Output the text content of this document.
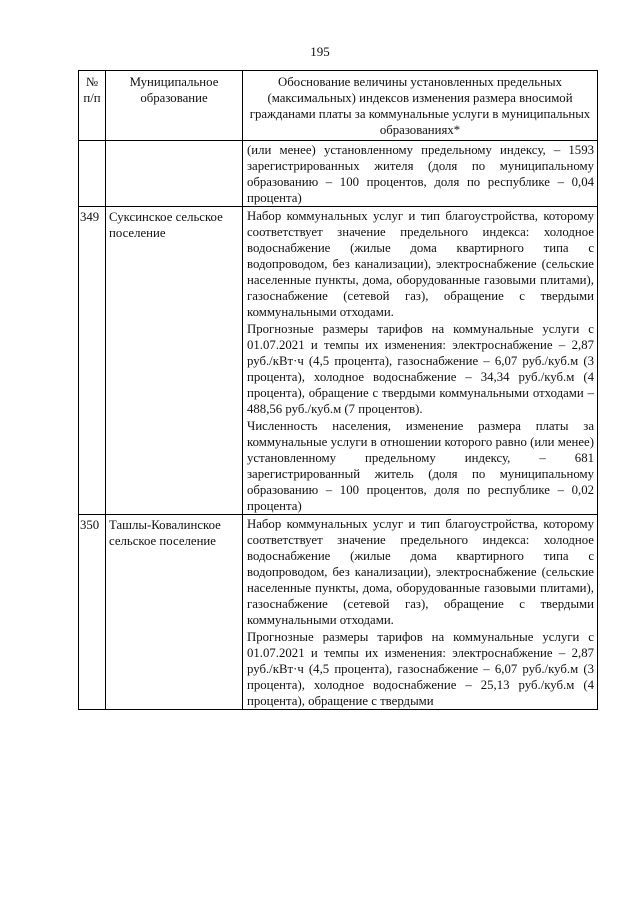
195
№ п/п	Муниципальное образование	Обоснование величины установленных предельных (максимальных) индексов изменения размера вносимой гражданами платы за коммунальные услуги в муниципальных образованиях*

		(или менее) установленному предельному индексу, – 1593 зарегистрированных жителя (доля по муниципальному образованию – 100 процентов, доля по республике – 0,04 процента)

349	Суксинское сельское поселение	Набор коммунальных услуг и тип благоустройства, которому соответствует значение предельного индекса: холодное водоснабжение (жилые дома квартирного типа с водопроводом, без канализации), электроснабжение (сельские населенные пункты, дома, оборудованные газовыми плитами), газоснабжение (сетевой газ), обращение с твердыми коммунальными отходами.
Прогнозные размеры тарифов на коммунальные услуги с 01.07.2021 и темпы их изменения: электроснабжение – 2,87 руб./кВт·ч (4,5 процента), газоснабжение – 6,07 руб./куб.м (3 процента), холодное водоснабжение – 34,34 руб./куб.м (4 процента), обращение с твердыми коммунальными отходами – 488,56 руб./куб.м (7 процентов).
Численность населения, изменение размера платы за коммунальные услуги в отношении которого равно (или менее) установленному предельному индексу, – 681 зарегистрированный житель (доля по муниципальному образованию – 100 процентов, доля по республике – 0,02 процента)

350	Ташлы-Ковалинское сельское поселение	Набор коммунальных услуг и тип благоустройства, которому соответствует значение предельного индекса: холодное водоснабжение (жилые дома квартирного типа с водопроводом, без канализации), электроснабжение (сельские населенные пункты, дома, оборудованные газовыми плитами), газоснабжение (сетевой газ), обращение с твердыми коммунальными отходами.
Прогнозные размеры тарифов на коммунальные услуги с 01.07.2021 и темпы их изменения: электроснабжение – 2,87 руб./кВт·ч (4,5 процента), газоснабжение – 6,07 руб./куб.м (3 процента), холодное водоснабжение – 25,13 руб./куб.м (4 процента), обращение с твердыми
